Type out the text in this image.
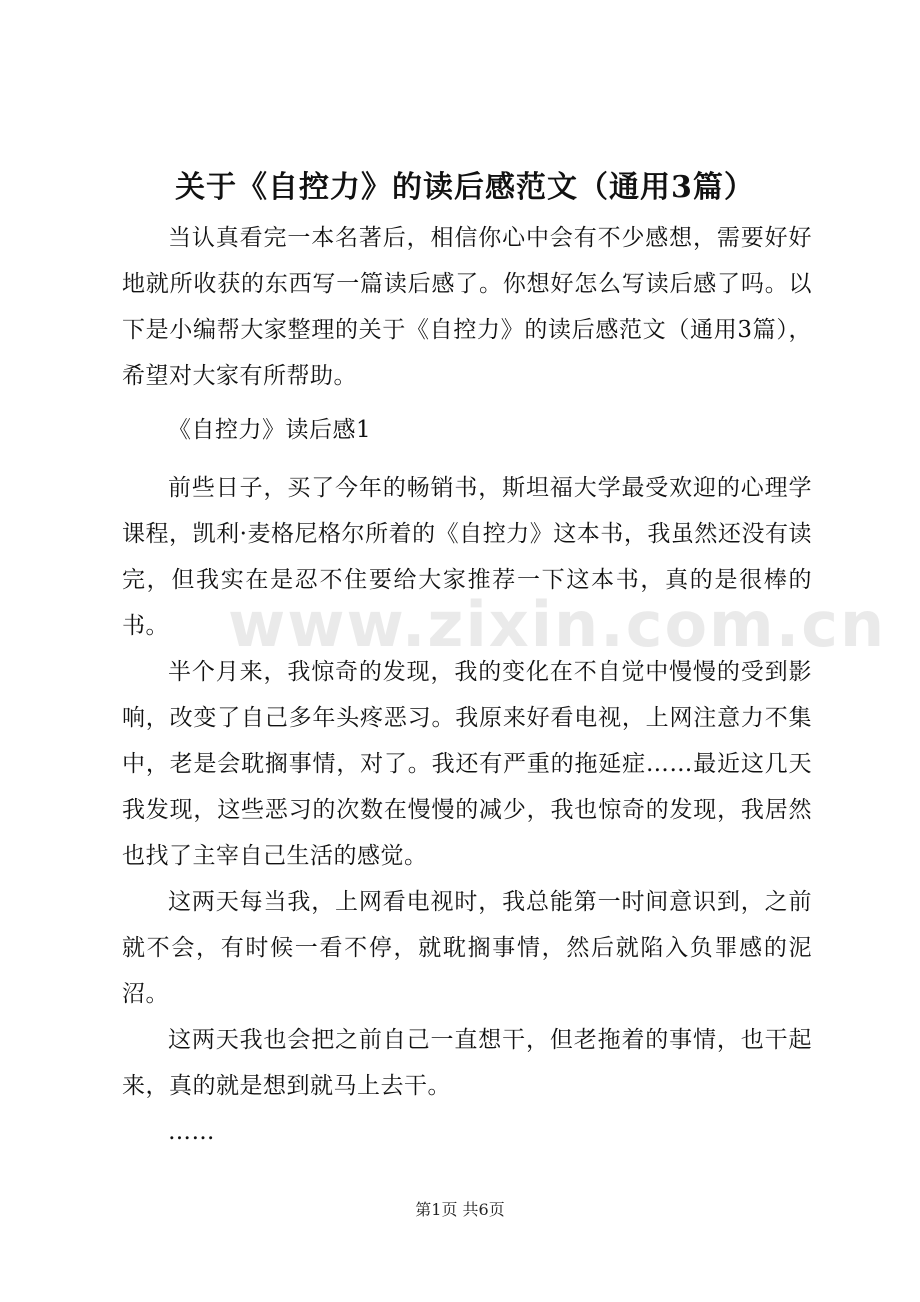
关于《自控力》的读后感范文（通用3篇）

当认真看完一本名著后，相信你心中会有不少感想，需要好好地就所收获的东西写一篇读后感了。你想好怎么写读后感了吗。以下是小编帮大家整理的关于《自控力》的读后感范文（通用3篇），希望对大家有所帮助。

《自控力》读后感1

前些日子，买了今年的畅销书，斯坦福大学最受欢迎的心理学课程，凯利·麦格尼格尔所着的《自控力》这本书，我虽然还没有读完，但我实在是忍不住要给大家推荐一下这本书，真的是很棒的书。

半个月来，我惊奇的发现，我的变化在不自觉中慢慢的受到影响，改变了自己多年头疼恶习。我原来好看电视，上网注意力不集中，老是会耽搁事情，对了。我还有严重的拖延症……最近这几天我发现，这些恶习的次数在慢慢的减少，我也惊奇的发现，我居然也找了主宰自己生活的感觉。

这两天每当我，上网看电视时，我总能第一时间意识到，之前就不会，有时候一看不停，就耽搁事情，然后就陷入负罪感的泥沼。

这两天我也会把之前自己一直想干，但老拖着的事情，也干起来，真的就是想到就马上去干。

……

www.zixin.com.cn
第1页 共6页
